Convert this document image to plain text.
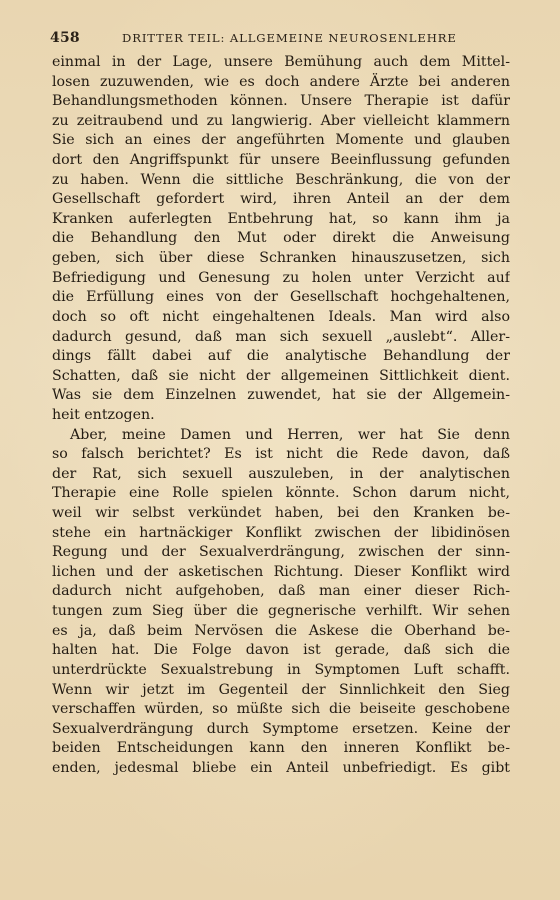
458	DRITTER TEIL: ALLGEMEINE NEUROSENLEHRE
einmal in der Lage, unsere Bemühung auch dem Mittel-
losen zuzuwenden, wie es doch andere Ärzte bei anderen
Behandlungsmethoden können. Unsere Therapie ist dafür
zu zeitraubend und zu langwierig. Aber vielleicht klammern
Sie sich an eines der angeführten Momente und glauben
dort den Angriffspunkt für unsere Beeinflussung gefunden
zu haben. Wenn die sittliche Beschränkung, die von der
Gesellschaft gefordert wird, ihren Anteil an der dem
Kranken auferlegten Entbehrung hat, so kann ihm ja
die Behandlung den Mut oder direkt die Anweisung
geben, sich über diese Schranken hinauszusetzen, sich
Befriedigung und Genesung zu holen unter Verzicht auf
die Erfüllung eines von der Gesellschaft hochgehaltenen,
doch so oft nicht eingehaltenen Ideals. Man wird also
dadurch gesund, daß man sich sexuell „auslebt“. Aller-
dings fällt dabei auf die analytische Behandlung der
Schatten, daß sie nicht der allgemeinen Sittlichkeit dient.
Was sie dem Einzelnen zuwendet, hat sie der Allgemein-
heit entzogen.
Aber, meine Damen und Herren, wer hat Sie denn
so falsch berichtet? Es ist nicht die Rede davon, daß
der Rat, sich sexuell auszuleben, in der analytischen
Therapie eine Rolle spielen könnte. Schon darum nicht,
weil wir selbst verkündet haben, bei den Kranken be-
stehe ein hartnäckiger Konflikt zwischen der libidinösen
Regung und der Sexualverdrängung, zwischen der sinn-
lichen und der asketischen Richtung. Dieser Konflikt wird
dadurch nicht aufgehoben, daß man einer dieser Rich-
tungen zum Sieg über die gegnerische verhilft. Wir sehen
es ja, daß beim Nervösen die Askese die Oberhand be-
halten hat. Die Folge davon ist gerade, daß sich die
unterdrückte Sexualstrebung in Symptomen Luft schafft.
Wenn wir jetzt im Gegenteil der Sinnlichkeit den Sieg
verschaffen würden, so müßte sich die beiseite geschobene
Sexualverdrängung durch Symptome ersetzen. Keine der
beiden Entscheidungen kann den inneren Konflikt be-
enden, jedesmal bliebe ein Anteil unbefriedigt. Es gibt
